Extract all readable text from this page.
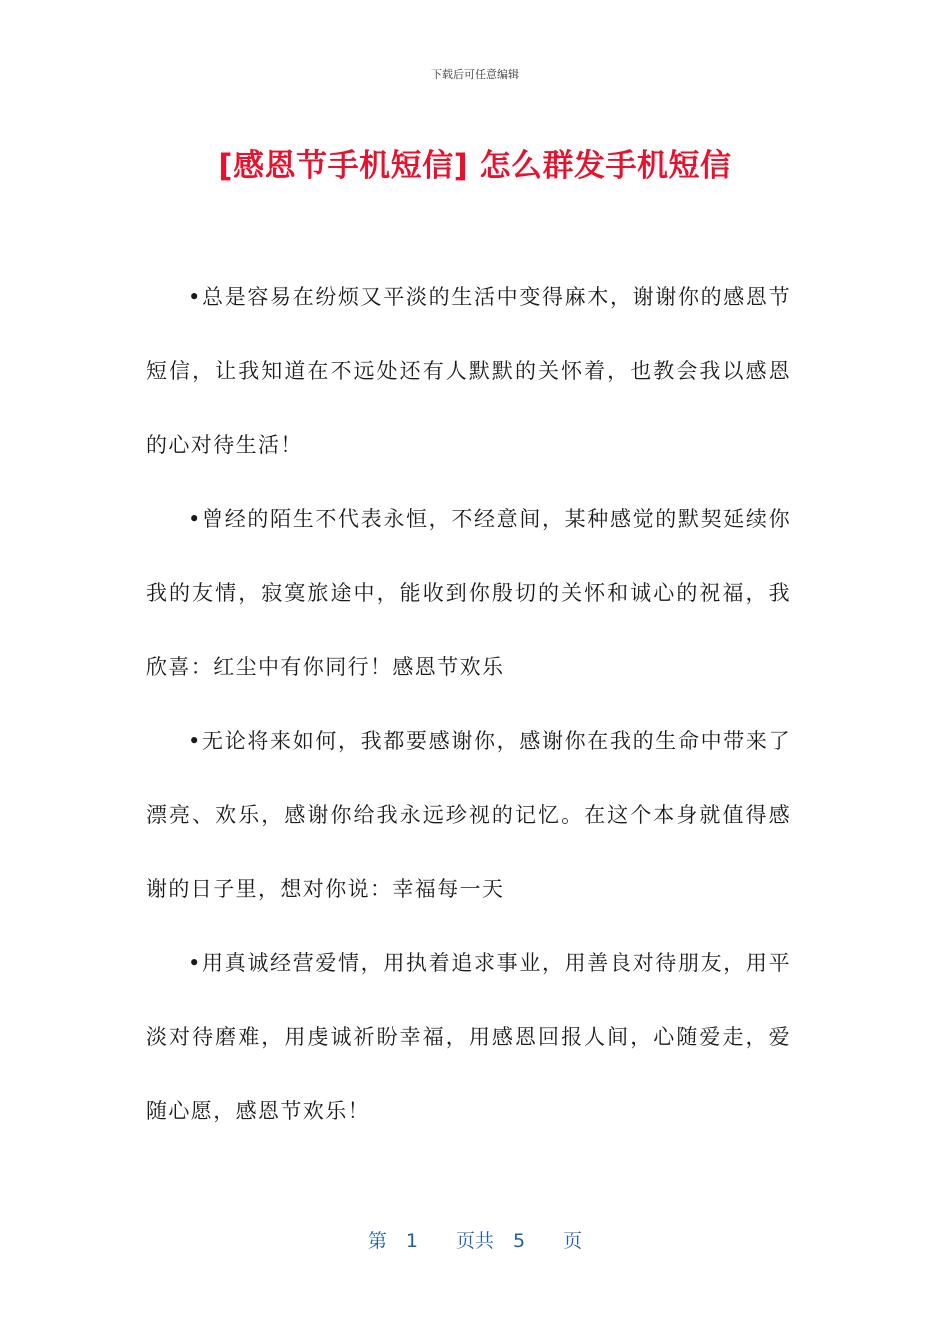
下载后可任意编辑
[感恩节手机短信] 怎么群发手机短信

•总是容易在纷烦又平淡的生活中变得麻木，谢谢你的感恩节短信，让我知道在不远处还有人默默的关怀着，也教会我以感恩的心对待生活！

•曾经的陌生不代表永恒，不经意间，某种感觉的默契延续你我的友情，寂寞旅途中，能收到你殷切的关怀和诚心的祝福，我欣喜：红尘中有你同行！感恩节欢乐

•无论将来如何，我都要感谢你，感谢你在我的生命中带来了漂亮、欢乐，感谢你给我永远珍视的记忆。在这个本身就值得感谢的日子里，想对你说：幸福每一天

•用真诚经营爱情，用执着追求事业，用善良对待朋友，用平淡对待磨难，用虔诚祈盼幸福，用感恩回报人间，心随爱走，爱随心愿，感恩节欢乐！

第　1　　页共　5　　页
